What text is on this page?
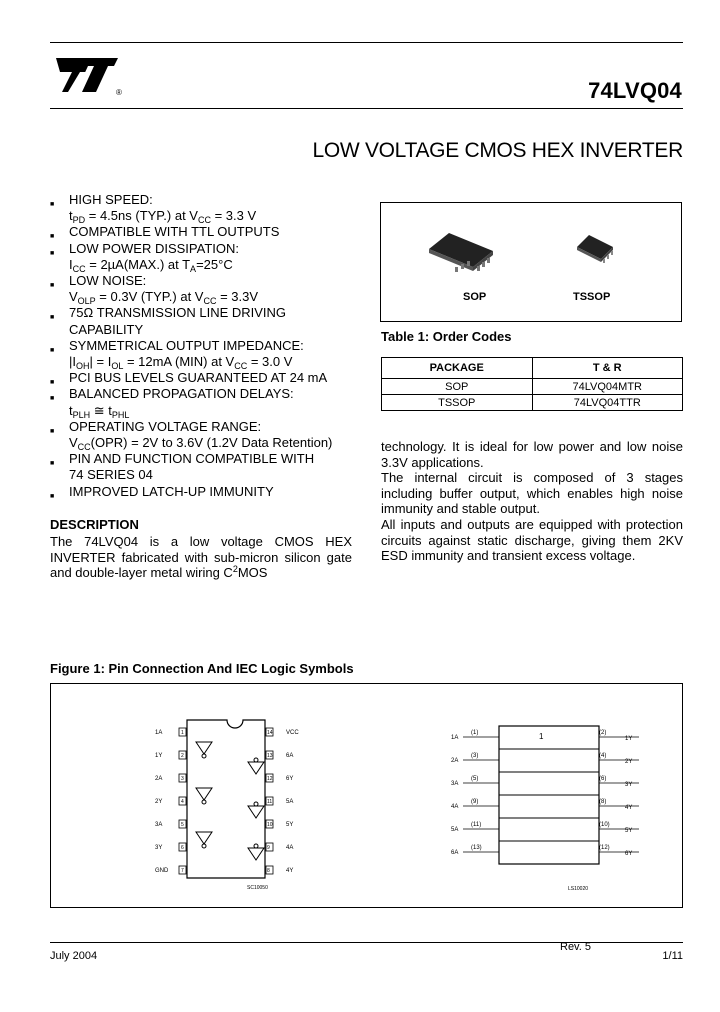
®	74LVQ04
LOW VOLTAGE CMOS HEX INVERTER
■ HIGH SPEED:
$t_{PD} = 4.5ns$ (TYP.) at $V_{CC} = 3.3$ V
■ COMPATIBLE WITH TTL OUTPUTS
■ LOW POWER DISSIPATION:
$I_{CC} = 2\mu A(MAX.)$ at $T_A=25^\circ C$
■ LOW NOISE:
$V_{OLP} = 0.3V$ (TYP.) at $V_{CC} = 3.3V$
■ 75Ω TRANSMISSION LINE DRIVING
CAPABILITY
■ SYMMETRICAL OUTPUT IMPEDANCE:
$|I_{OH}| = I_{OL} = 12mA$ (MIN) at $V_{CC} = 3.0$ V
■ PCI BUS LEVELS GUARANTEED AT 24 mA
■ BALANCED PROPAGATION DELAYS:
$t_{PLH}$ ≅ $t_{PHL}$
■ OPERATING VOLTAGE RANGE:
$V_{CC}(OPR) = 2V$ to 3.6V (1.2V Data Retention)
■ PIN AND FUNCTION COMPATIBLE WITH
74 SERIES 04
■ IMPROVED LATCH-UP IMMUNITY
SOP	TSSOP
Table 1: Order Codes
PACKAGE	T & R
SOP	74LVQ04MTR
TSSOP	74LVQ04TTR
DESCRIPTION
The 74LVQ04 is a low voltage CMOS HEX INVERTER fabricated with sub-micron silicon gate and double-layer metal wiring $C^2MOS$
technology. It is ideal for low power and low noise 3.3V applications.
The internal circuit is composed of 3 stages including buffer output, which enables high noise immunity and stable output.
All inputs and outputs are equipped with protection circuits against static discharge, giving them 2KV ESD immunity and transient excess voltage.
Figure 1: Pin Connection And IEC Logic Symbols
1A	VCC
1	14
1Y	6A
2	13
2A	6Y
3	12
2Y	5A
4	11
3A	5Y
5	10
3Y	4A
6	9
GND	4Y
7	8
SC10050
1A
(1)	(2)
1Y
2A
(3)	(4)
2Y
3A
(5)	(6)
3Y
4A
(9)	(8)
4Y
5A
(11)	(10)
5Y
6A
(13)	(12)
6Y
1
LS10020
July 2004
Rev. 5
1/11
